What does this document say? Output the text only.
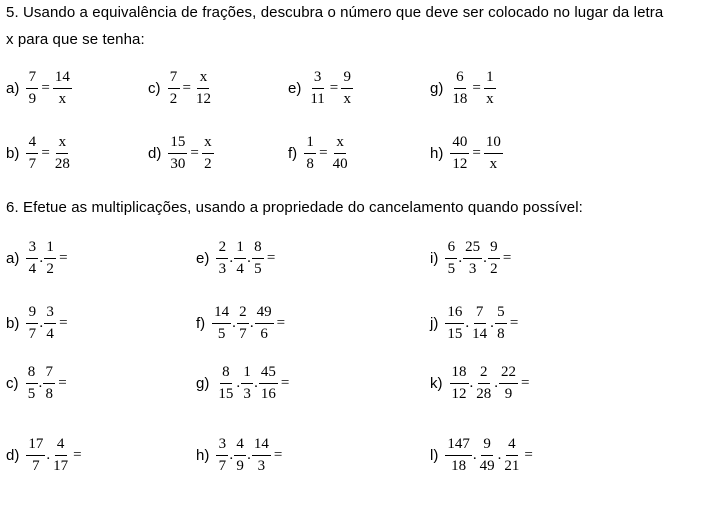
5. Usando a equivalência de frações, descubra o número que deve ser colocado no lugar da letra
x para que se tenha:
$a) \frac{7}{9} = \frac{14}{x}$	$c) \frac{7}{2} = \frac{x}{12}$	$e) \frac{3}{11} = \frac{9}{x}$	$g) \frac{6}{18} = \frac{1}{x}$
$b) \frac{4}{7} = \frac{x}{28}$	$d) \frac{15}{30} = \frac{x}{2}$	$f) \frac{1}{8} = \frac{x}{40}$	$h) \frac{40}{12} = \frac{10}{x}$
6. Efetue as multiplicações, usando a propriedade do cancelamento quando possível:
$a) \frac{3}{4}$ . $\frac{1}{2}$ =	$e) \frac{2}{3}$ . $\frac{1}{4}$ . $\frac{8}{5}$ =	$i) \frac{6}{5}$ . $\frac{25}{3}$ . $\frac{9}{2}$ =
$b) \frac{9}{7}$ . $\frac{3}{4}$ =	$f) \frac{14}{5}$ . $\frac{2}{7}$ . $\frac{49}{6}$ =	$j) \frac{16}{15}$ . $\frac{7}{14}$ . $\frac{5}{8}$ =
$c) \frac{8}{5}$ . $\frac{7}{8}$ =	$g) \frac{8}{15}$ . $\frac{1}{3}$ . $\frac{45}{16}$ =	$k) \frac{18}{12}$ . $\frac{2}{28}$ . $\frac{22}{9}$ =
$d) \frac{17}{7}$ . $\frac{4}{17}$ =	$h) \frac{3}{7}$ . $\frac{4}{9}$ . $\frac{14}{3}$ =	$l) \frac{147}{18}$ . $\frac{9}{49}$ . $\frac{4}{21}$ =
